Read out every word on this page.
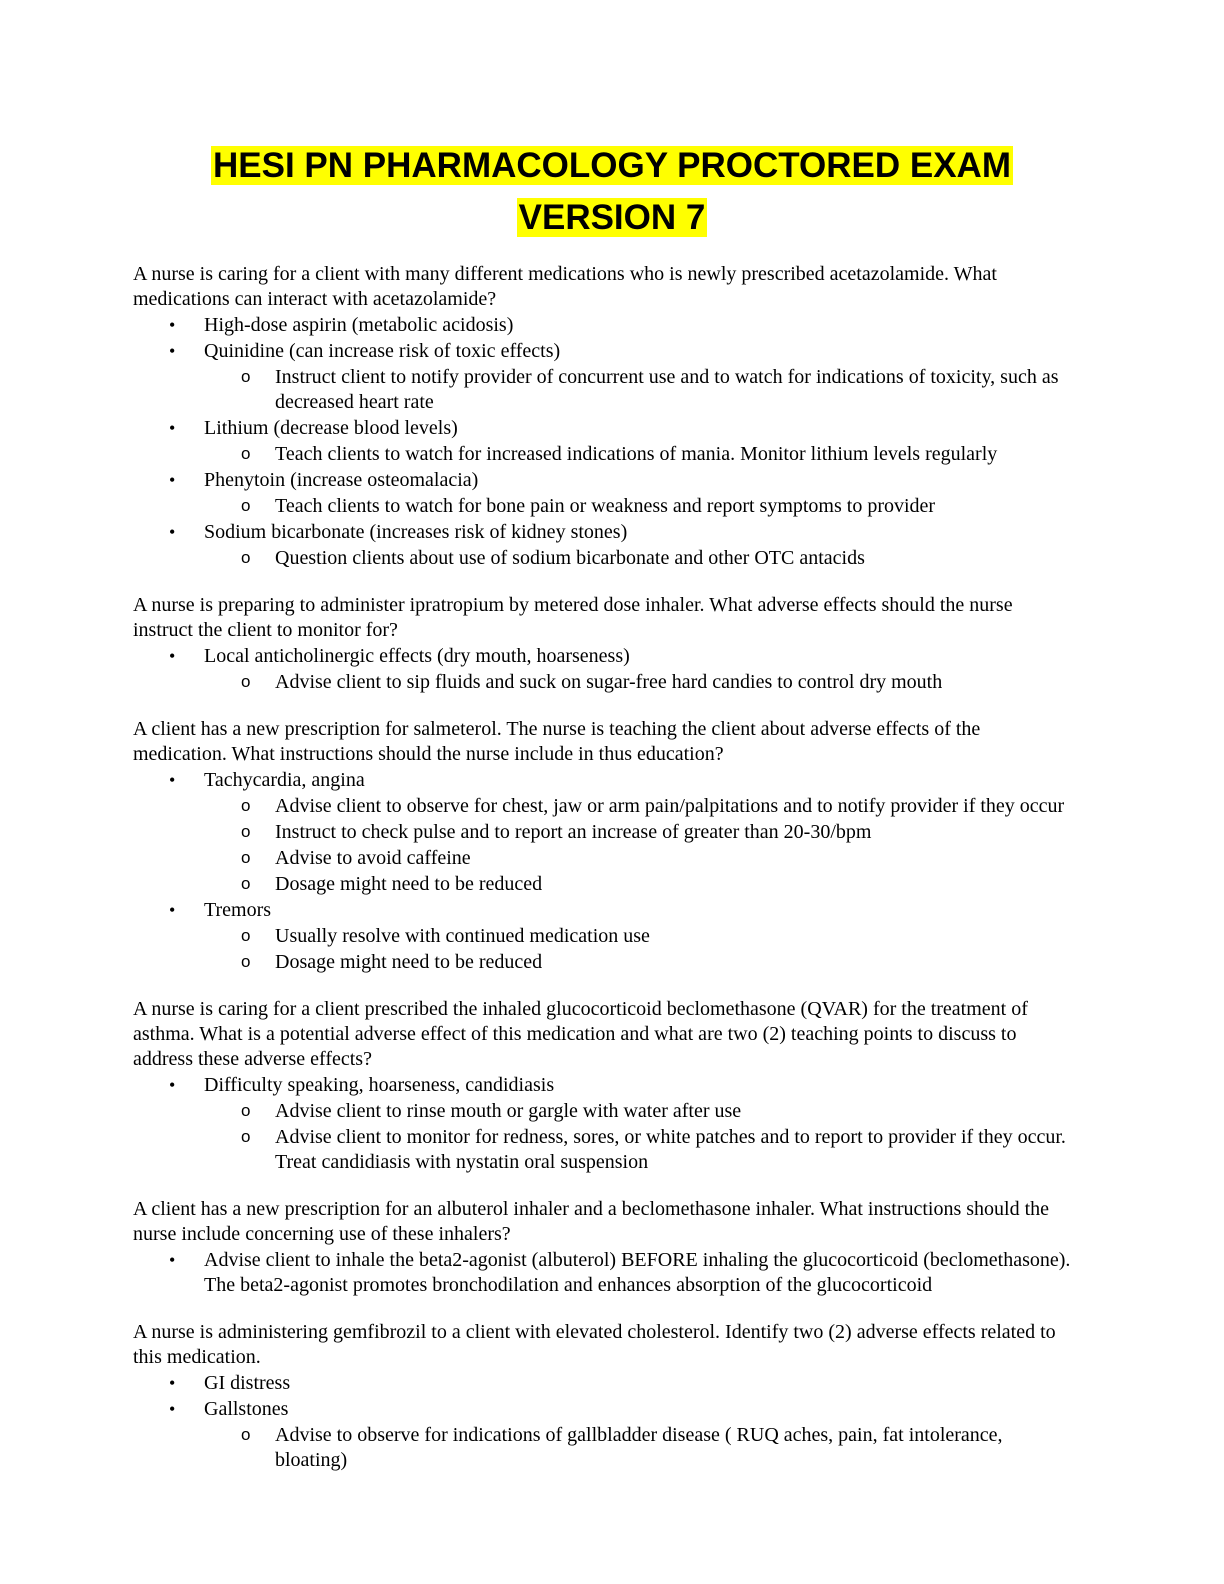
HESI PN PHARMACOLOGY PROCTORED EXAM
VERSION 7

A nurse is caring for a client with many different medications who is newly prescribed acetazolamide. What medications can interact with acetazolamide?

• High-dose aspirin (metabolic acidosis)
• Quinidine (can increase risk of toxic effects)
o Instruct client to notify provider of concurrent use and to watch for indications of toxicity, such as decreased heart rate
• Lithium (decrease blood levels)
o Teach clients to watch for increased indications of mania. Monitor lithium levels regularly
• Phenytoin (increase osteomalacia)
o Teach clients to watch for bone pain or weakness and report symptoms to provider
• Sodium bicarbonate (increases risk of kidney stones)
o Question clients about use of sodium bicarbonate and other OTC antacids

A nurse is preparing to administer ipratropium by metered dose inhaler. What adverse effects should the nurse instruct the client to monitor for?

• Local anticholinergic effects (dry mouth, hoarseness)
o Advise client to sip fluids and suck on sugar-free hard candies to control dry mouth

A client has a new prescription for salmeterol. The nurse is teaching the client about adverse effects of the medication. What instructions should the nurse include in thus education?

• Tachycardia, angina
o Advise client to observe for chest, jaw or arm pain/palpitations and to notify provider if they occur
o Instruct to check pulse and to report an increase of greater than 20-30/bpm
o Advise to avoid caffeine
o Dosage might need to be reduced
• Tremors
o Usually resolve with continued medication use
o Dosage might need to be reduced

A nurse is caring for a client prescribed the inhaled glucocorticoid beclomethasone (QVAR) for the treatment of asthma. What is a potential adverse effect of this medication and what are two (2) teaching points to discuss to address these adverse effects?

• Difficulty speaking, hoarseness, candidiasis
o Advise client to rinse mouth or gargle with water after use
o Advise client to monitor for redness, sores, or white patches and to report to provider if they occur. Treat candidiasis with nystatin oral suspension

A client has a new prescription for an albuterol inhaler and a beclomethasone inhaler. What instructions should the nurse include concerning use of these inhalers?

• Advise client to inhale the beta2-agonist (albuterol) BEFORE inhaling the glucocorticoid (beclomethasone). The beta2-agonist promotes bronchodilation and enhances absorption of the glucocorticoid

A nurse is administering gemfibrozil to a client with elevated cholesterol. Identify two (2) adverse effects related to this medication.

• GI distress
• Gallstones
o Advise to observe for indications of gallbladder disease ( RUQ aches, pain, fat intolerance, bloating)
